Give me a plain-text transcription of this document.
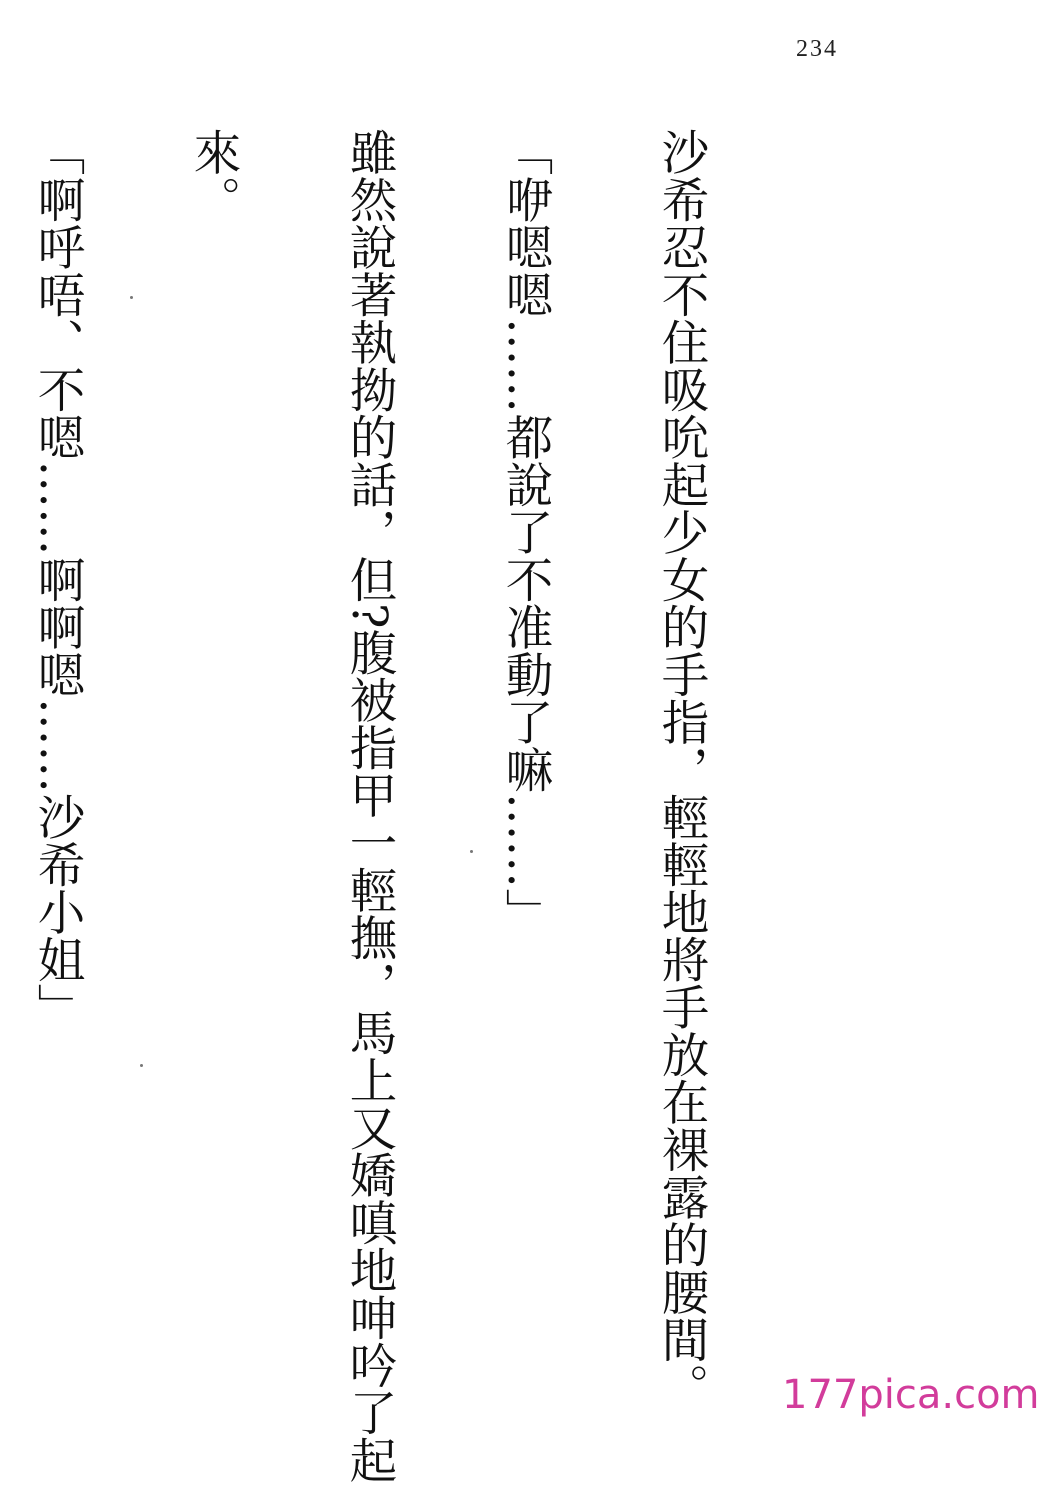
234

沙希忍不住吸吮起少女的手指，輕輕地將手放在裸露的腰間。

「咿嗯嗯……都說了不准動了嘛……」

雖然說著執拗的話，但?腹被指甲一輕撫，馬上又嬌嗔地呻吟了起

來。

「啊呼唔、不嗯……啊啊嗯……沙希小姐」

177pica.com
